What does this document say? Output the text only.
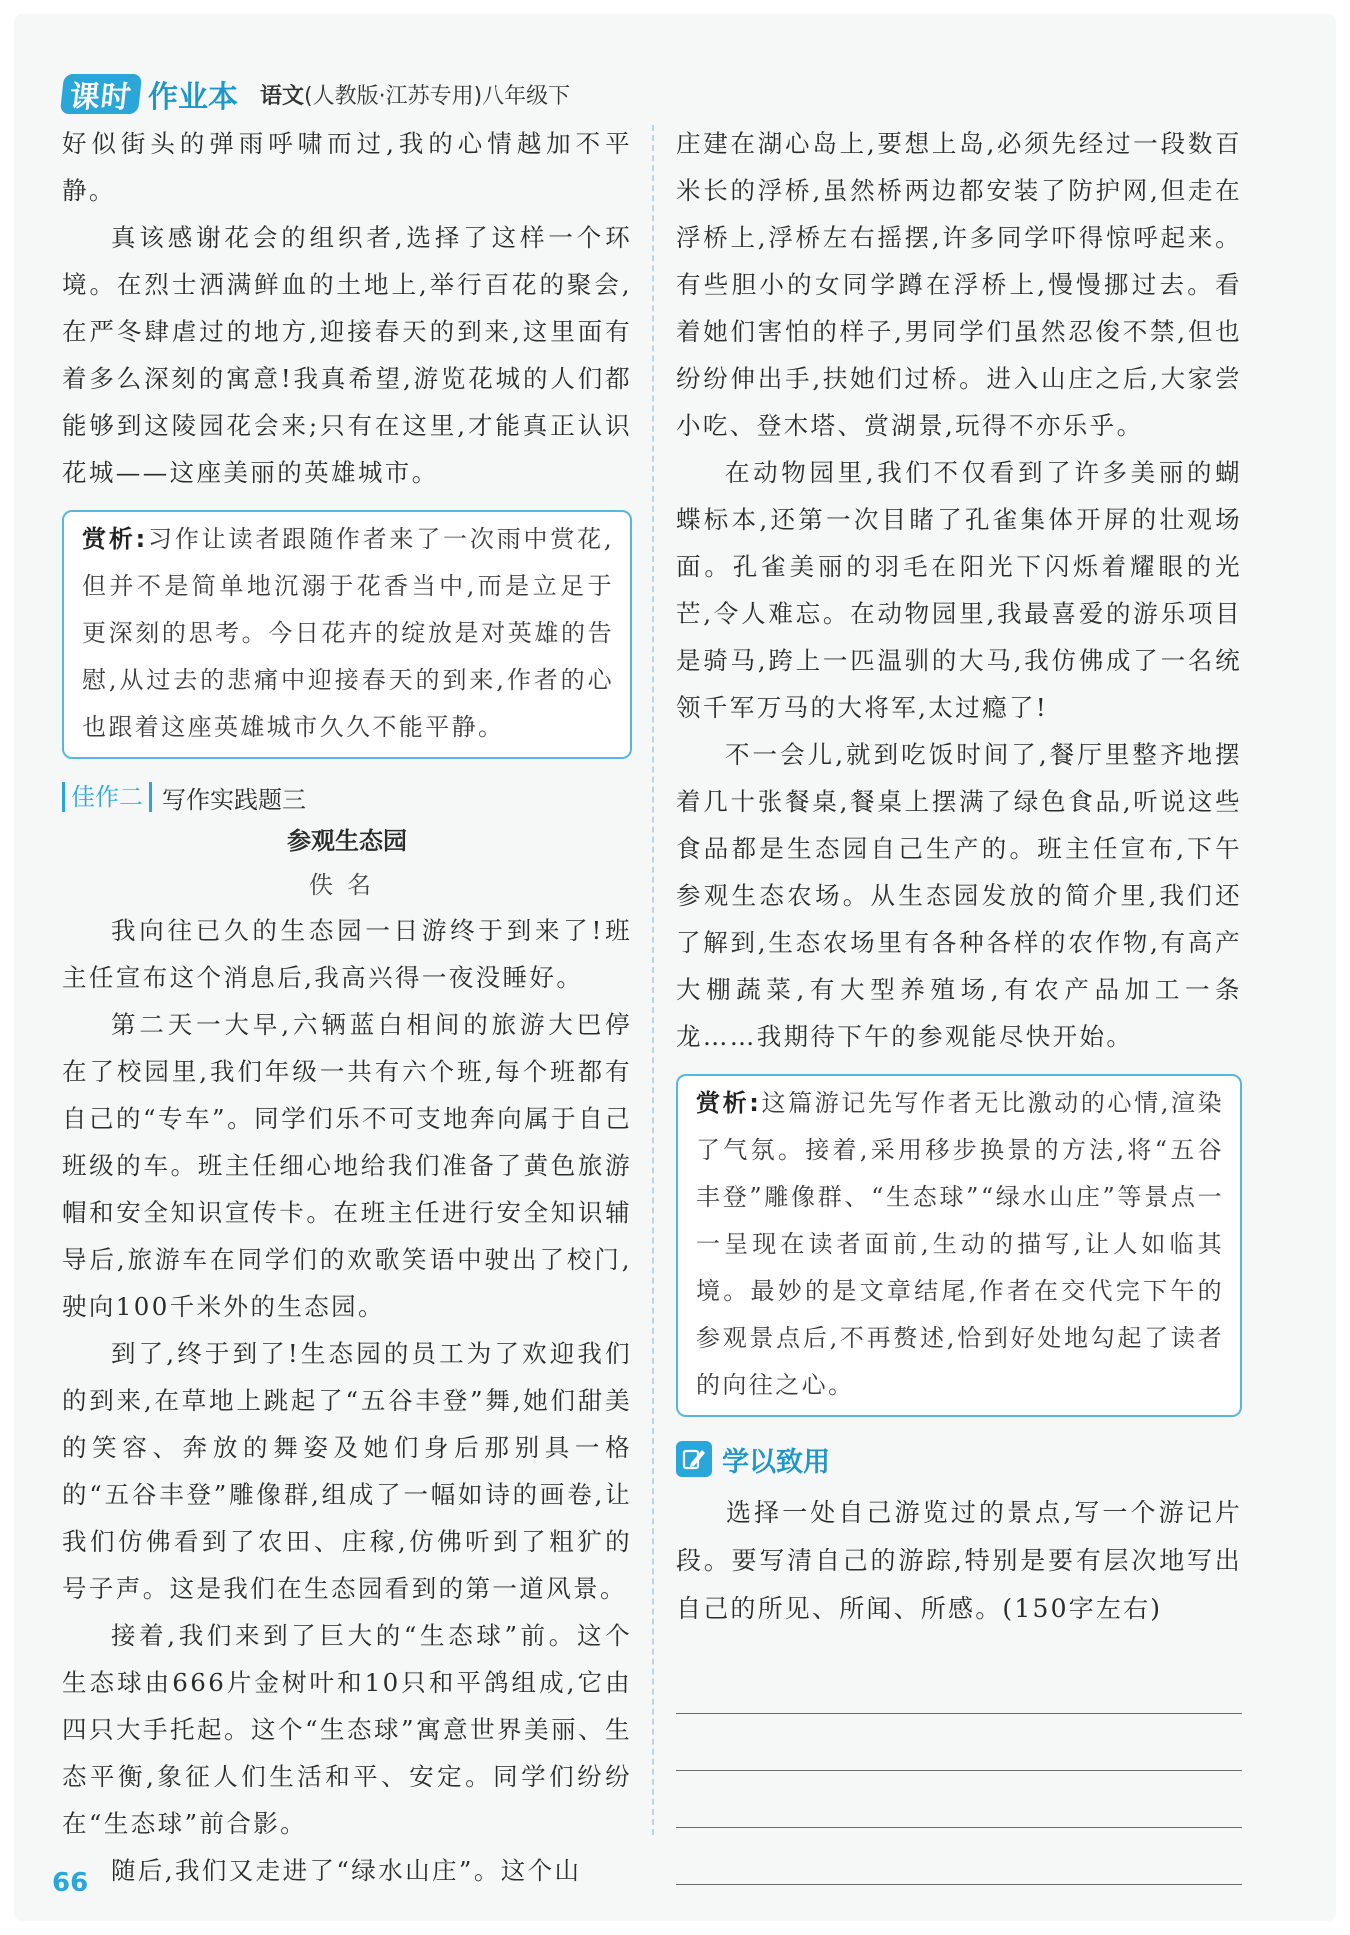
课时 作业本 语文(人教版·江苏专用)八年级下

好似街头的弹雨呼啸而过,我的心情越加不平静。

真该感谢花会的组织者,选择了这样一个环境。在烈士洒满鲜血的土地上,举行百花的聚会,在严冬肆虐过的地方,迎接春天的到来,这里面有着多么深刻的寓意!我真希望,游览花城的人们都能够到这陵园花会来;只有在这里,才能真正认识花城——这座美丽的英雄城市。

赏析:习作让读者跟随作者来了一次雨中赏花,但并不是简单地沉溺于花香当中,而是立足于更深刻的思考。今日花卉的绽放是对英雄的告慰,从过去的悲痛中迎接春天的到来,作者的心也跟着这座英雄城市久久不能平静。

佳作二 写作实践题三
参观生态园
佚名

我向往已久的生态园一日游终于到来了!班主任宣布这个消息后,我高兴得一夜没睡好。

第二天一大早,六辆蓝白相间的旅游大巴停在了校园里,我们年级一共有六个班,每个班都有自己的“专车”。同学们乐不可支地奔向属于自己班级的车。班主任细心地给我们准备了黄色旅游帽和安全知识宣传卡。在班主任进行安全知识辅导后,旅游车在同学们的欢歌笑语中驶出了校门,驶向100千米外的生态园。

到了,终于到了!生态园的员工为了欢迎我们的到来,在草地上跳起了“五谷丰登”舞,她们甜美的笑容、奔放的舞姿及她们身后那别具一格的“五谷丰登”雕像群,组成了一幅如诗的画卷,让我们仿佛看到了农田、庄稼,仿佛听到了粗犷的号子声。这是我们在生态园看到的第一道风景。

接着,我们来到了巨大的“生态球”前。这个生态球由666片金树叶和10只和平鸽组成,它由四只大手托起。这个“生态球”寓意世界美丽、生态平衡,象征人们生活和平、安定。同学们纷纷在“生态球”前合影。

随后,我们又走进了“绿水山庄”。这个山

庄建在湖心岛上,要想上岛,必须先经过一段数百米长的浮桥,虽然桥两边都安装了防护网,但走在浮桥上,浮桥左右摇摆,许多同学吓得惊呼起来。有些胆小的女同学蹲在浮桥上,慢慢挪过去。看着她们害怕的样子,男同学们虽然忍俊不禁,但也纷纷伸出手,扶她们过桥。进入山庄之后,大家尝小吃、登木塔、赏湖景,玩得不亦乐乎。

在动物园里,我们不仅看到了许多美丽的蝴蝶标本,还第一次目睹了孔雀集体开屏的壮观场面。孔雀美丽的羽毛在阳光下闪烁着耀眼的光芒,令人难忘。在动物园里,我最喜爱的游乐项目是骑马,跨上一匹温驯的大马,我仿佛成了一名统领千军万马的大将军,太过瘾了!

不一会儿,就到吃饭时间了,餐厅里整齐地摆着几十张餐桌,餐桌上摆满了绿色食品,听说这些食品都是生态园自己生产的。班主任宣布,下午参观生态农场。从生态园发放的简介里,我们还了解到,生态农场里有各种各样的农作物,有高产大棚蔬菜,有大型养殖场,有农产品加工一条龙……我期待下午的参观能尽快开始。

赏析:这篇游记先写作者无比激动的心情,渲染了气氛。接着,采用移步换景的方法,将“五谷丰登”雕像群、“生态球”“绿水山庄”等景点一一呈现在读者面前,生动的描写,让人如临其境。最妙的是文章结尾,作者在交代完下午的参观景点后,不再赘述,恰到好处地勾起了读者的向往之心。

学以致用

选择一处自己游览过的景点,写一个游记片段。要写清自己的游踪,特别是要有层次地写出自己的所见、所闻、所感。(150字左右)

66
